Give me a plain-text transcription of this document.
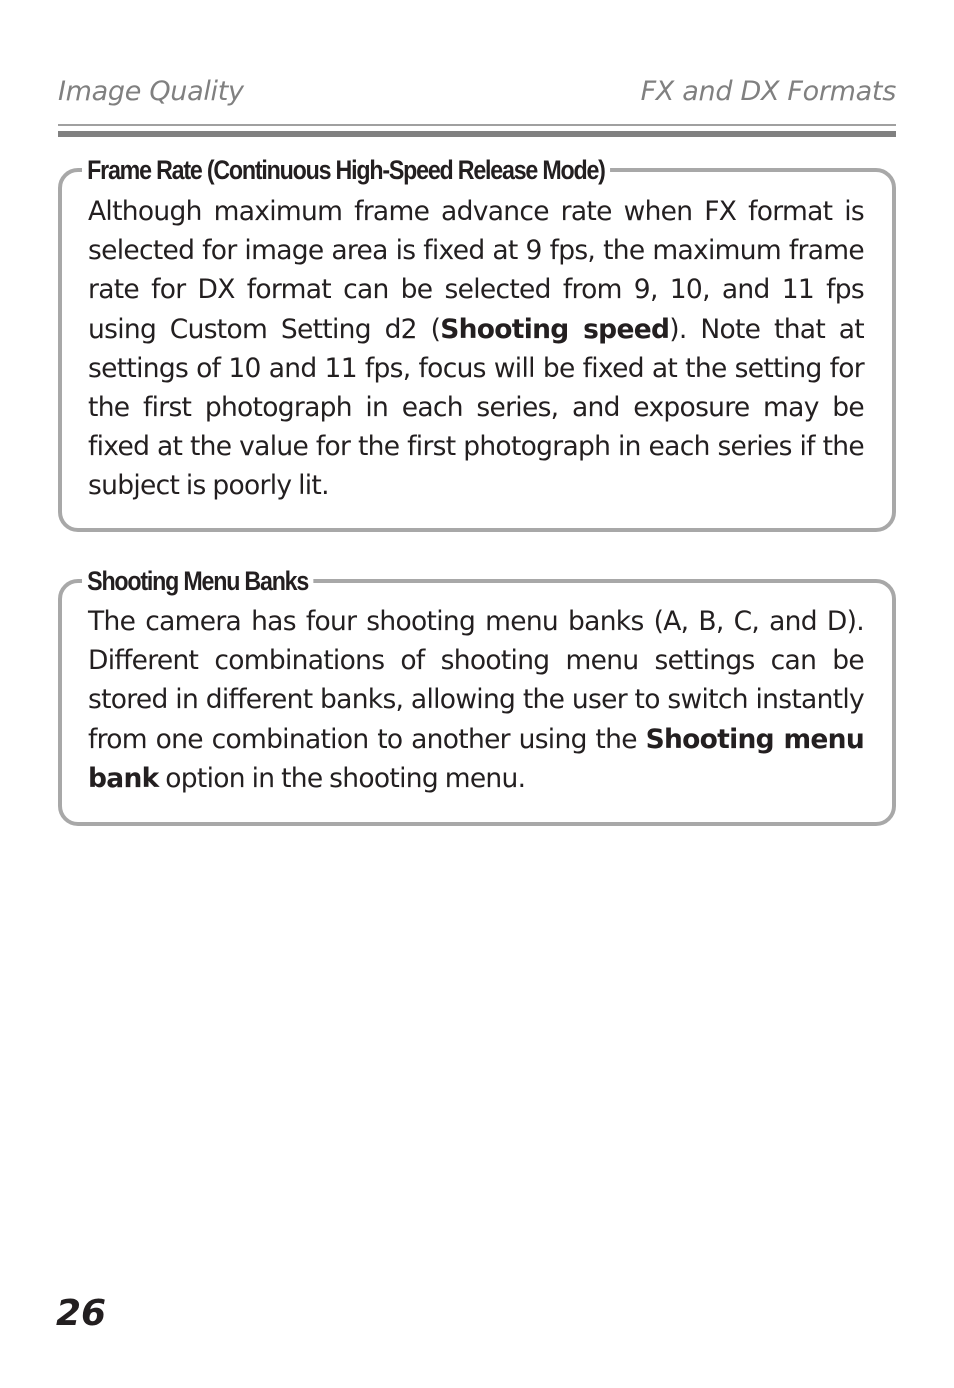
Image Quality	FX and DX Formats
Frame Rate (Continuous High-Speed Release Mode)
Although maximum frame advance rate when FX format is selected for image area is fixed at 9 fps, the maximum frame rate for DX format can be selected from 9, 10, and 11 fps using Custom Setting d2 (Shooting speed). Note that at settings of 10 and 11 fps, focus will be fixed at the setting for the first photograph in each series, and exposure may be fixed at the value for the first photograph in each series if the subject is poorly lit.
Shooting Menu Banks
The camera has four shooting menu banks (A, B, C, and D). Different combinations of shooting menu settings can be stored in different banks, allowing the user to switch instantly from one combination to another using the Shooting menu bank option in the shooting menu.
26
